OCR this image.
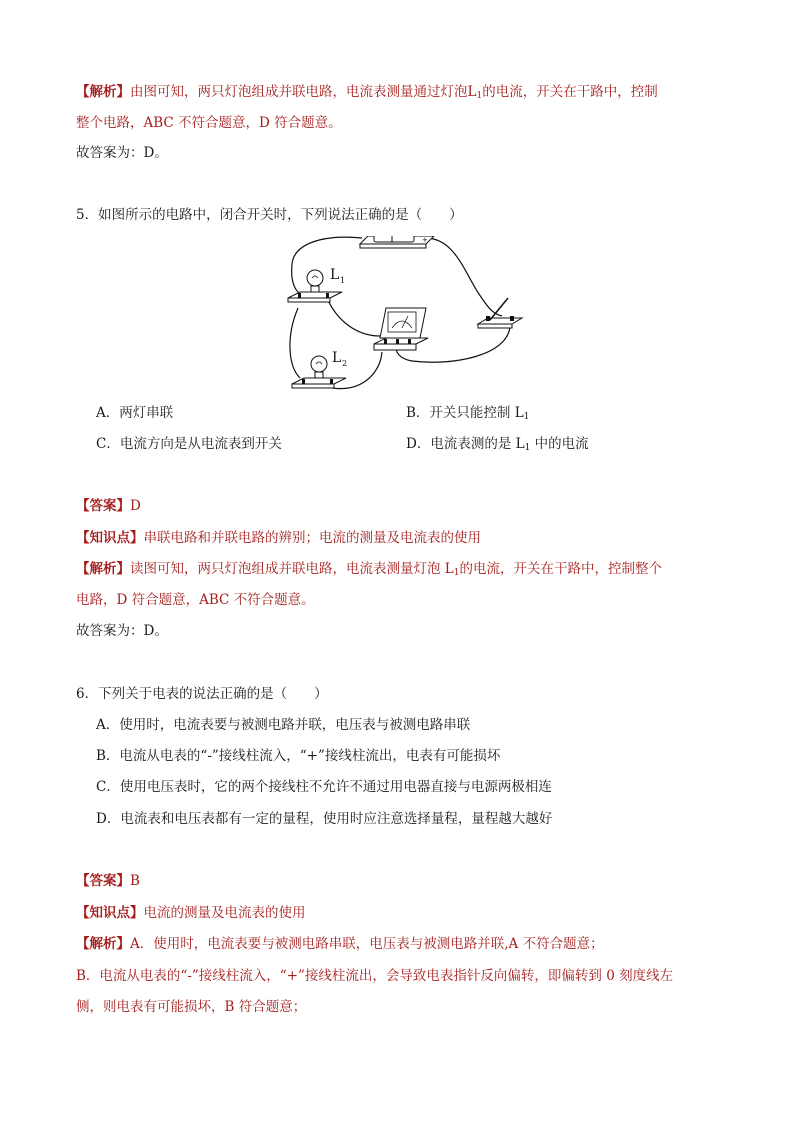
【解析】由图可知，两只灯泡组成并联电路，电流表测量通过灯泡$L_1$的电流，开关在干路中，控制
整个电路，ABC 不符合题意，D 符合题意。
故答案为：D。
5．如图所示的电路中，闭合开关时，下列说法正确的是（　　）
+
L 1
L 2
A．两灯串联	B．开关只能控制 $L_1$
C．电流方向是从电流表到开关	D．电流表测的是 $L_1$ 中的电流
【答案】D
【知识点】串联电路和并联电路的辨别；电流的测量及电流表的使用
【解析】读图可知，两只灯泡组成并联电路，电流表测量灯泡 $L_1$的电流，开关在干路中，控制整个
电路，D 符合题意，ABC 不符合题意。
故答案为：D。
6．下列关于电表的说法正确的是（　　）
A．使用时，电流表要与被测电路并联，电压表与被测电路串联
B．电流从电表的“-”接线柱流入，“+”接线柱流出，电表有可能损坏
C．使用电压表时，它的两个接线柱不允许不通过用电器直接与电源两极相连
D．电流表和电压表都有一定的量程，使用时应注意选择量程，量程越大越好
【答案】B
【知识点】电流的测量及电流表的使用
【解析】A．使用时，电流表要与被测电路串联，电压表与被测电路并联,A 不符合题意；
B．电流从电表的“-”接线柱流入，“+”接线柱流出，会导致电表指针反向偏转，即偏转到 0 刻度线左
侧，则电表有可能损坏，B 符合题意；
